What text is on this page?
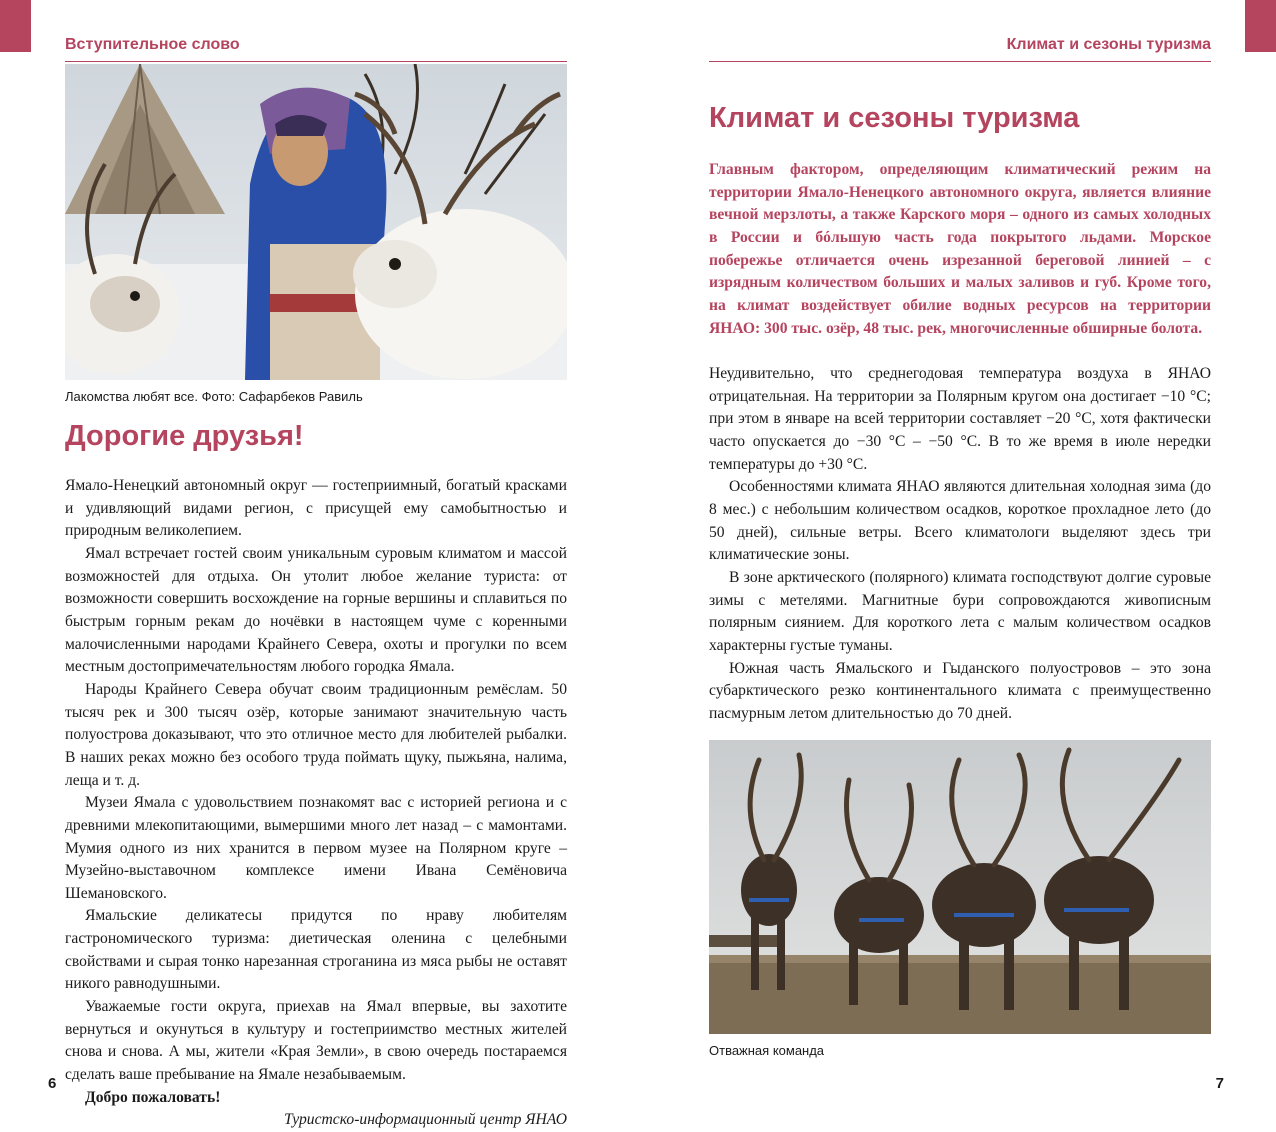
Вступительное слово
Лакомства любят все. Фото: Сафарбеков Равиль
Дорогие друзья!

Ямало-Ненецкий автономный округ — гостеприимный, богатый красками и удивляющий видами регион, с присущей ему самобытностью и природным великолепием.

Ямал встречает гостей своим уникальным суровым климатом и массой возможностей для отдыха. Он утолит любое желание туриста: от возможности совершить восхождение на горные вершины и сплавиться по быстрым горным рекам до ночёвки в настоящем чуме с коренными малочисленными народами Крайнего Севера, охоты и прогулки по всем местным достопримечательностям любого городка Ямала.

Народы Крайнего Севера обучат своим традиционным ремёслам. 50 тысяч рек и 300 тысяч озёр, которые занимают значительную часть полуострова доказывают, что это отличное место для любителей рыбалки. В наших реках можно без особого труда поймать щуку, пыжьяна, налима, леща и т. д.

Музеи Ямала с удовольствием познакомят вас с историей региона и с древними млекопитающими, вымершими много лет назад – с мамонтами. Мумия одного из них хранится в первом музее на Полярном круге – Музейно-выставочном комплексе имени Ивана Семёновича Шемановского.

Ямальские деликатесы придутся по нраву любителям гастрономического туризма: диетическая оленина с целебными свойствами и сырая тонко нарезанная строганина из мяса рыбы не оставят никого равнодушными.

Уважаемые гости округа, приехав на Ямал впервые, вы захотите вернуться и окунуться в культуру и гостеприимство местных жителей снова и снова. А мы, жители «Края Земли», в свою очередь постараемся сделать ваше пребывание на Ямале незабываемым.

Добро пожаловать!

Туристско-информационный центр ЯНАО

6
Климат и сезоны туризма
Климат и сезоны туризма

Главным фактором, определяющим климатический режим на территории Ямало-Ненецкого автономного округа, является влияние вечной мерзлоты, а также Карского моря – одного из самых холодных в России и бóльшую часть года покрытого льдами. Морское побережье отличается очень изрезанной береговой линией – с изрядным количеством больших и малых заливов и губ. Кроме того, на климат воздействует обилие водных ресурсов на территории ЯНАО: 300 тыс. озёр, 48 тыс. рек, многочисленные обширные болота.

Неудивительно, что среднегодовая температура воздуха в ЯНАО отрицательная. На территории за Полярным кругом она достигает −10 °С; при этом в январе на всей территории составляет −20 °С, хотя фактически часто опускается до −30 °С – −50 °С. В то же время в июле нередки температуры до +30 °С.

Особенностями климата ЯНАО являются длительная холодная зима (до 8 мес.) с небольшим количеством осадков, короткое прохладное лето (до 50 дней), сильные ветры. Всего климатологи выделяют здесь три климатические зоны.

В зоне арктического (полярного) климата господствуют долгие суровые зимы с метелями. Магнитные бури сопровождаются живописным полярным сиянием. Для короткого лета с малым количеством осадков характерны густые туманы.

Южная часть Ямальского и Гыданского полуостровов – это зона субарктического резко континентального климата с преимущественно пасмурным летом длительностью до 70 дней.

Отважная команда
7
